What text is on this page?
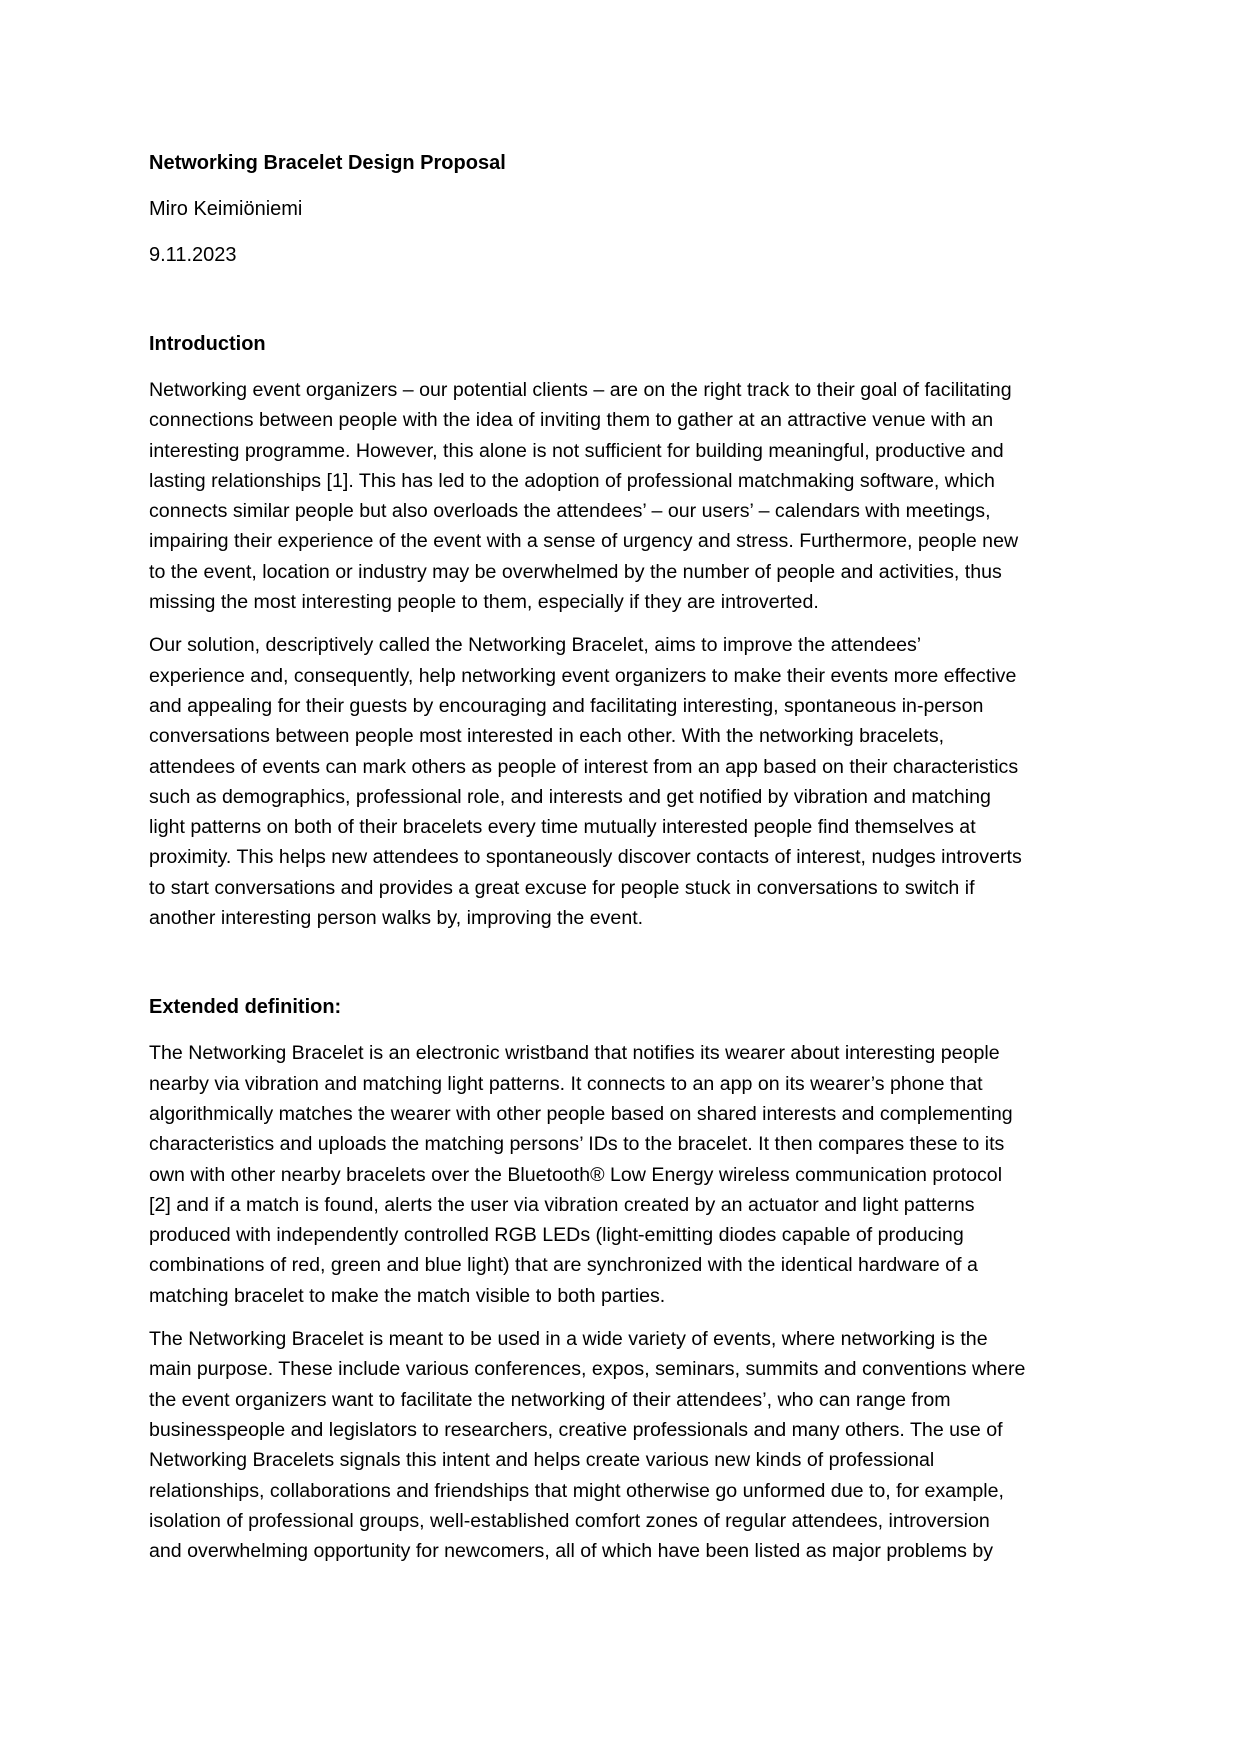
Networking Bracelet Design Proposal
Miro Keimiöniemi
9.11.2023
Introduction
Networking event organizers – our potential clients – are on the right track to their goal of facilitating
connections between people with the idea of inviting them to gather at an attractive venue with an
interesting programme. However, this alone is not sufficient for building meaningful, productive and
lasting relationships [1]. This has led to the adoption of professional matchmaking software, which
connects similar people but also overloads the attendees’ – our users’ – calendars with meetings,
impairing their experience of the event with a sense of urgency and stress. Furthermore, people new
to the event, location or industry may be overwhelmed by the number of people and activities, thus
missing the most interesting people to them, especially if they are introverted.
Our solution, descriptively called the Networking Bracelet, aims to improve the attendees’
experience and, consequently, help networking event organizers to make their events more effective
and appealing for their guests by encouraging and facilitating interesting, spontaneous in-person
conversations between people most interested in each other. With the networking bracelets,
attendees of events can mark others as people of interest from an app based on their characteristics
such as demographics, professional role, and interests and get notified by vibration and matching
light patterns on both of their bracelets every time mutually interested people find themselves at
proximity. This helps new attendees to spontaneously discover contacts of interest, nudges introverts
to start conversations and provides a great excuse for people stuck in conversations to switch if
another interesting person walks by, improving the event.
Extended definition:
The Networking Bracelet is an electronic wristband that notifies its wearer about interesting people
nearby via vibration and matching light patterns. It connects to an app on its wearer’s phone that
algorithmically matches the wearer with other people based on shared interests and complementing
characteristics and uploads the matching persons’ IDs to the bracelet. It then compares these to its
own with other nearby bracelets over the Bluetooth® Low Energy wireless communication protocol
[2] and if a match is found, alerts the user via vibration created by an actuator and light patterns
produced with independently controlled RGB LEDs (light-emitting diodes capable of producing
combinations of red, green and blue light) that are synchronized with the identical hardware of a
matching bracelet to make the match visible to both parties.
The Networking Bracelet is meant to be used in a wide variety of events, where networking is the
main purpose. These include various conferences, expos, seminars, summits and conventions where
the event organizers want to facilitate the networking of their attendees’, who can range from
businesspeople and legislators to researchers, creative professionals and many others. The use of
Networking Bracelets signals this intent and helps create various new kinds of professional
relationships, collaborations and friendships that might otherwise go unformed due to, for example,
isolation of professional groups, well-established comfort zones of regular attendees, introversion
and overwhelming opportunity for newcomers, all of which have been listed as major problems by
